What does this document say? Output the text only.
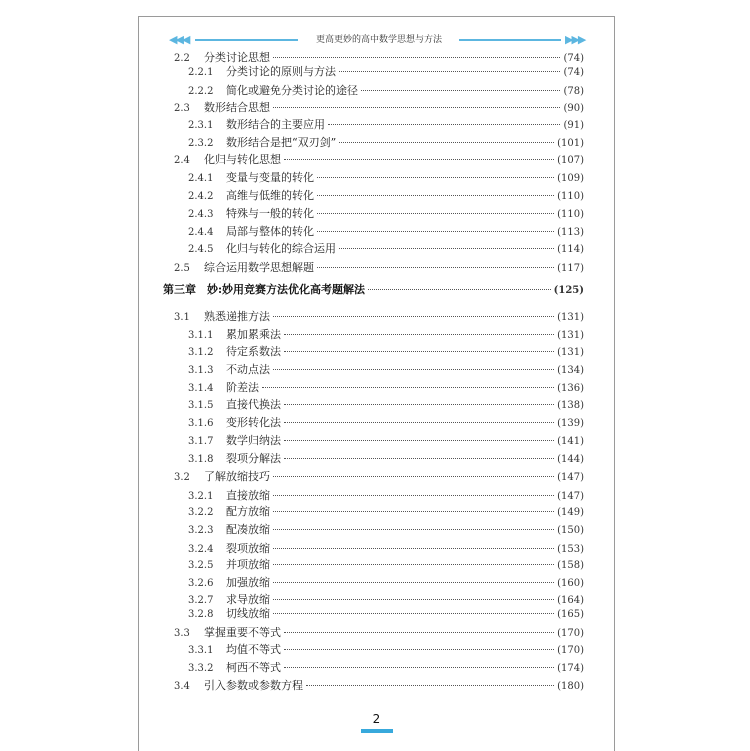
◀◀◀	更高更妙的高中数学思想与方法	▶▶▶
2.2	分类讨论思想	(74)
2.2.1	分类讨论的原则与方法	(74)
2.2.2	简化或避免分类讨论的途径	(78)
2.3	数形结合思想	(90)
2.3.1	数形结合的主要应用	(91)
2.3.2	数形结合是把“双刃剑”	(101)
2.4	化归与转化思想	(107)
2.4.1	变量与变量的转化	(109)
2.4.2	高维与低维的转化	(110)
2.4.3	特殊与一般的转化	(110)
2.4.4	局部与整体的转化	(113)
2.4.5	化归与转化的综合运用	(114)
2.5	综合运用数学思想解题	(117)
第三章	妙:妙用竞赛方法优化高考题解法	(125)
3.1	熟悉递推方法	(131)
3.1.1	累加累乘法	(131)
3.1.2	待定系数法	(131)
3.1.3	不动点法	(134)
3.1.4	阶差法	(136)
3.1.5	直接代换法	(138)
3.1.6	变形转化法	(139)
3.1.7	数学归纳法	(141)
3.1.8	裂项分解法	(144)
3.2	了解放缩技巧	(147)
3.2.1	直接放缩	(147)
3.2.2	配方放缩	(149)
3.2.3	配凑放缩	(150)
3.2.4	裂项放缩	(153)
3.2.5	并项放缩	(158)
3.2.6	加强放缩	(160)
3.2.7	求导放缩	(164)
3.2.8	切线放缩	(165)
3.3	掌握重要不等式	(170)
3.3.1	均值不等式	(170)
3.3.2	柯西不等式	(174)
3.4	引入参数或参数方程	(180)
2
